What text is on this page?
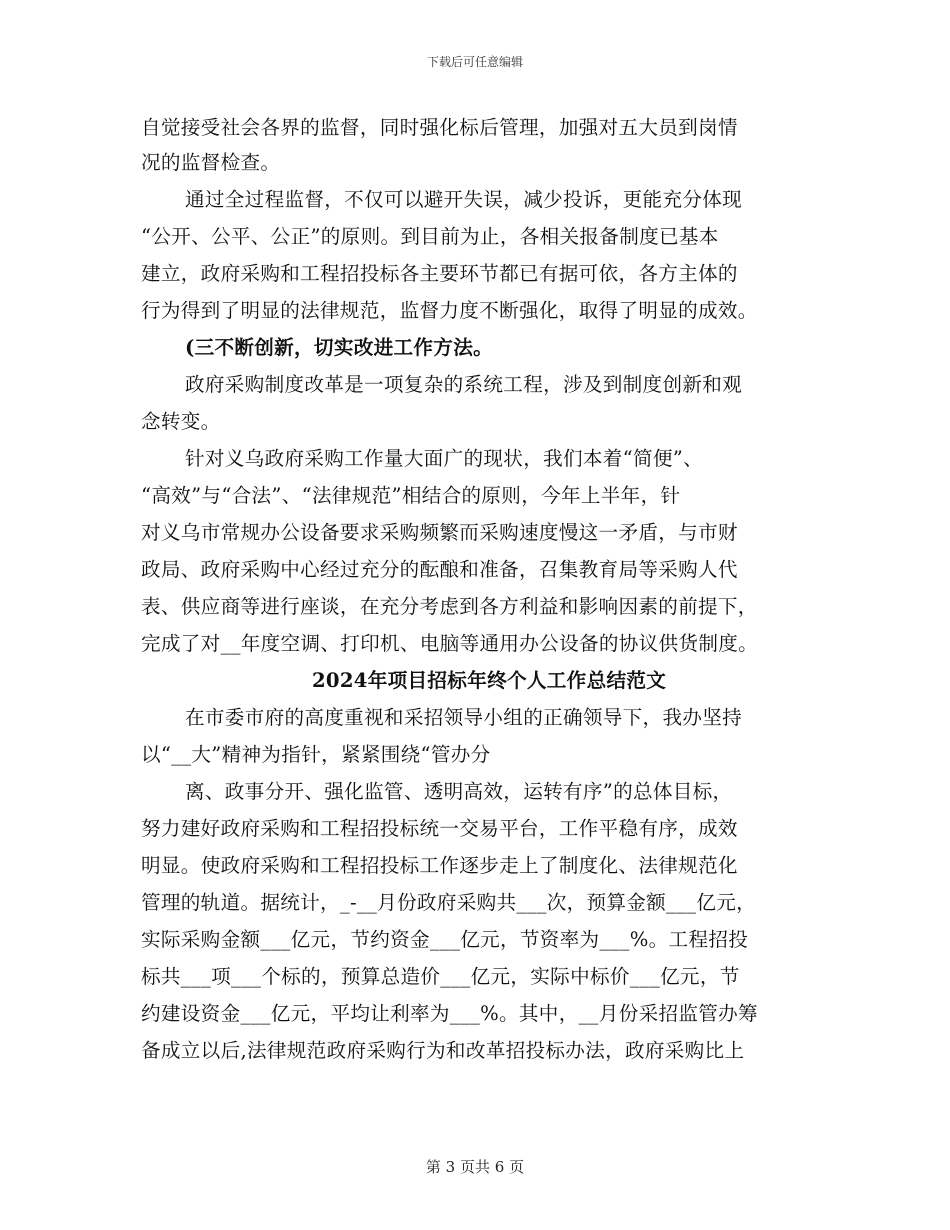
下载后可任意编辑
自觉接受社会各界的监督，同时强化标后管理，加强对五大员到岗情
况的监督检查。
通过全过程监督，不仅可以避开失误，减少投诉，更能充分体现
“公开、公平、公正”的原则。到目前为止，各相关报备制度已基本
建立，政府采购和工程招投标各主要环节都已有据可依，各方主体的
行为得到了明显的法律规范，监督力度不断强化，取得了明显的成效。
(三不断创新，切实改进工作方法。
政府采购制度改革是一项复杂的系统工程，涉及到制度创新和观
念转变。
针对义乌政府采购工作量大面广的现状，我们本着“简便”、
“高效”与“合法”、“法律规范”相结合的原则，今年上半年，针
对义乌市常规办公设备要求采购频繁而采购速度慢这一矛盾，与市财
政局、政府采购中心经过充分的酝酿和准备，召集教育局等采购人代
表、供应商等进行座谈，在充分考虑到各方利益和影响因素的前提下，
完成了对__年度空调、打印机、电脑等通用办公设备的协议供货制度。
2024年项目招标年终个人工作总结范文
在市委市府的高度重视和采招领导小组的正确领导下，我办坚持
以“__大”精神为指针，紧紧围绕“管办分
离、政事分开、强化监管、透明高效，运转有序”的总体目标，
努力建好政府采购和工程招投标统一交易平台，工作平稳有序，成效
明显。使政府采购和工程招投标工作逐步走上了制度化、法律规范化
管理的轨道。据统计，_-__月份政府采购共___次，预算金额___亿元，
实际采购金额___亿元，节约资金___亿元，节资率为___%。工程招投
标共___项___个标的，预算总造价___亿元，实际中标价___亿元，节
约建设资金___亿元，平均让利率为___%。其中，__月份采招监管办筹
备成立以后,法律规范政府采购行为和改革招投标办法，政府采购比上
第 3 页共 6 页
